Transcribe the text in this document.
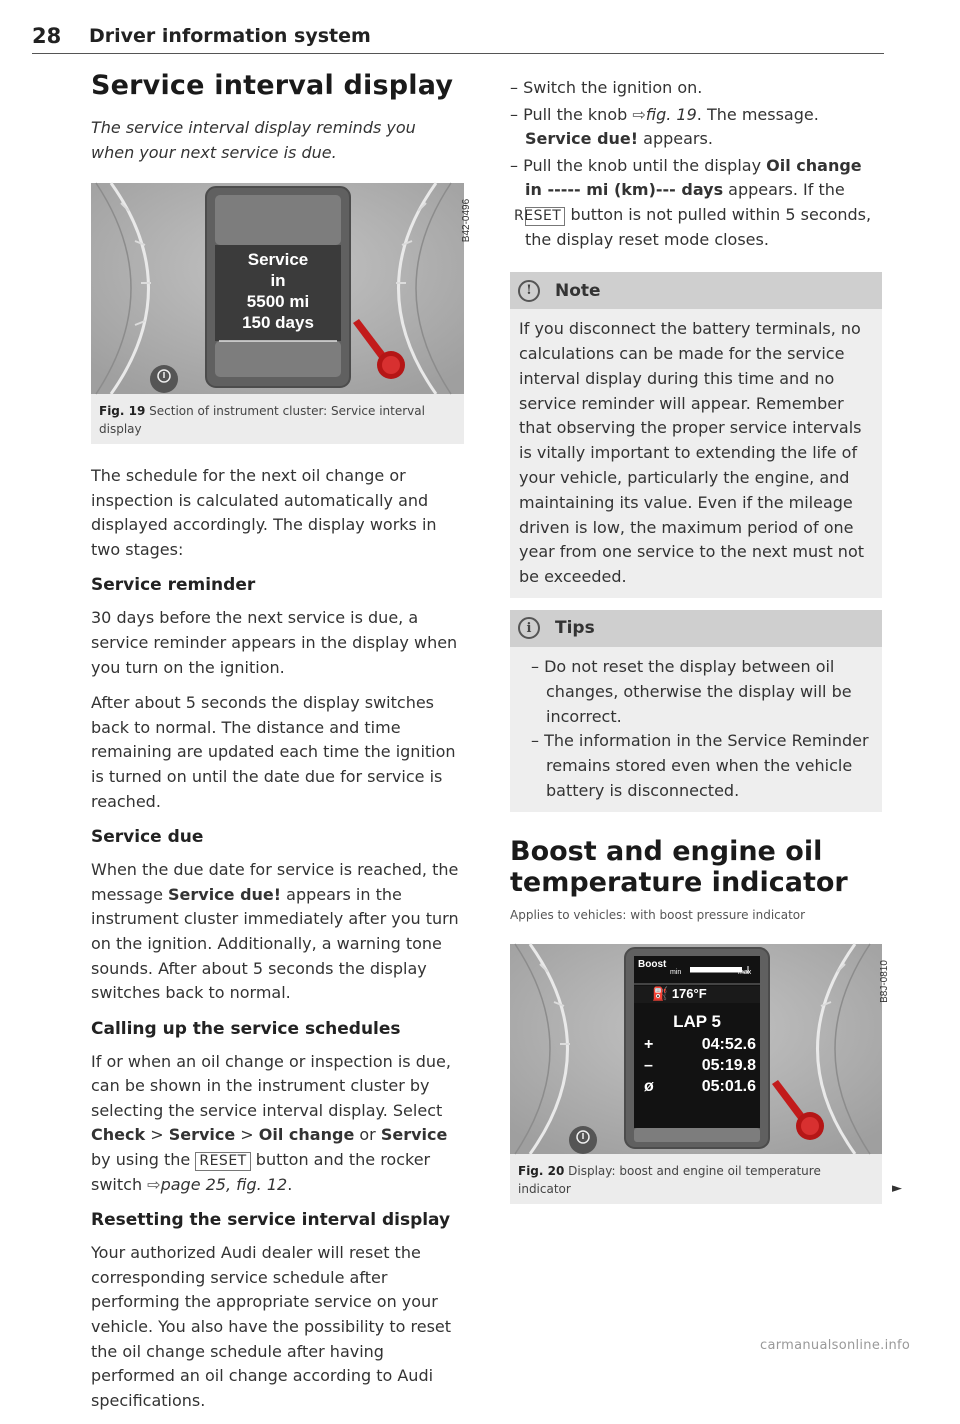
28 Driver information system
Service interval display

The service interval display reminds you when your next service is due.

Service
in
5500 mi
150 days
B42-0496
Fig. 19 Section of instrument cluster: Service interval display

The schedule for the next oil change or inspection is calculated automatically and displayed accordingly. The display works in two stages:

Service reminder

30 days before the next service is due, a service reminder appears in the display when you turn on the ignition.

After about 5 seconds the display switches back to normal. The distance and time remaining are updated each time the ignition is turned on until the date due for service is reached.

Service due

When the due date for service is reached, the message Service due! appears in the instrument cluster immediately after you turn on the ignition. Additionally, a warning tone sounds. After about 5 seconds the display switches back to normal.

Calling up the service schedules

If or when an oil change or inspection is due, can be shown in the instrument cluster by selecting the service interval display. Select Check > Service > Oil change or Service by using the RESET button and the rocker switch ⇨page 25, fig. 12.

Resetting the service interval display

Your authorized Audi dealer will reset the corresponding service schedule after performing the appropriate service on your vehicle. You also have the possibility to reset the oil change schedule after having performed an oil change according to Audi specifications.

– Switch the ignition on.
– Pull the knob ⇨fig. 19. The message. Service due! appears.
– Pull the knob until the display Oil change in ----- mi (km)--- days appears. If the RESET button is not pulled within 5 seconds, the display reset mode closes.
!	Note

If you disconnect the battery terminals, no calculations can be made for the service interval display during this time and no service reminder will appear. Remember that observing the proper service intervals is vitally important to extending the life of your vehicle, particularly the engine, and maintaining its value. Even if the mileage driven is low, the maximum period of one year from one service to the next must not be exceeded.

i	Tips
– Do not reset the display between oil changes, otherwise the display will be incorrect.
– The information in the Service Reminder remains stored even when the vehicle battery is disconnected.
Boost and engine oil temperature indicator
Applies to vehicles: with boost pressure indicator
Boost
min	max
⛽ 176°F
LAP 5
+	04:52.6
–	05:19.8
ø	05:01.6
B8J-0810
Fig. 20 Display: boost and engine oil temperature indicator	►
carmanualsonline.info
